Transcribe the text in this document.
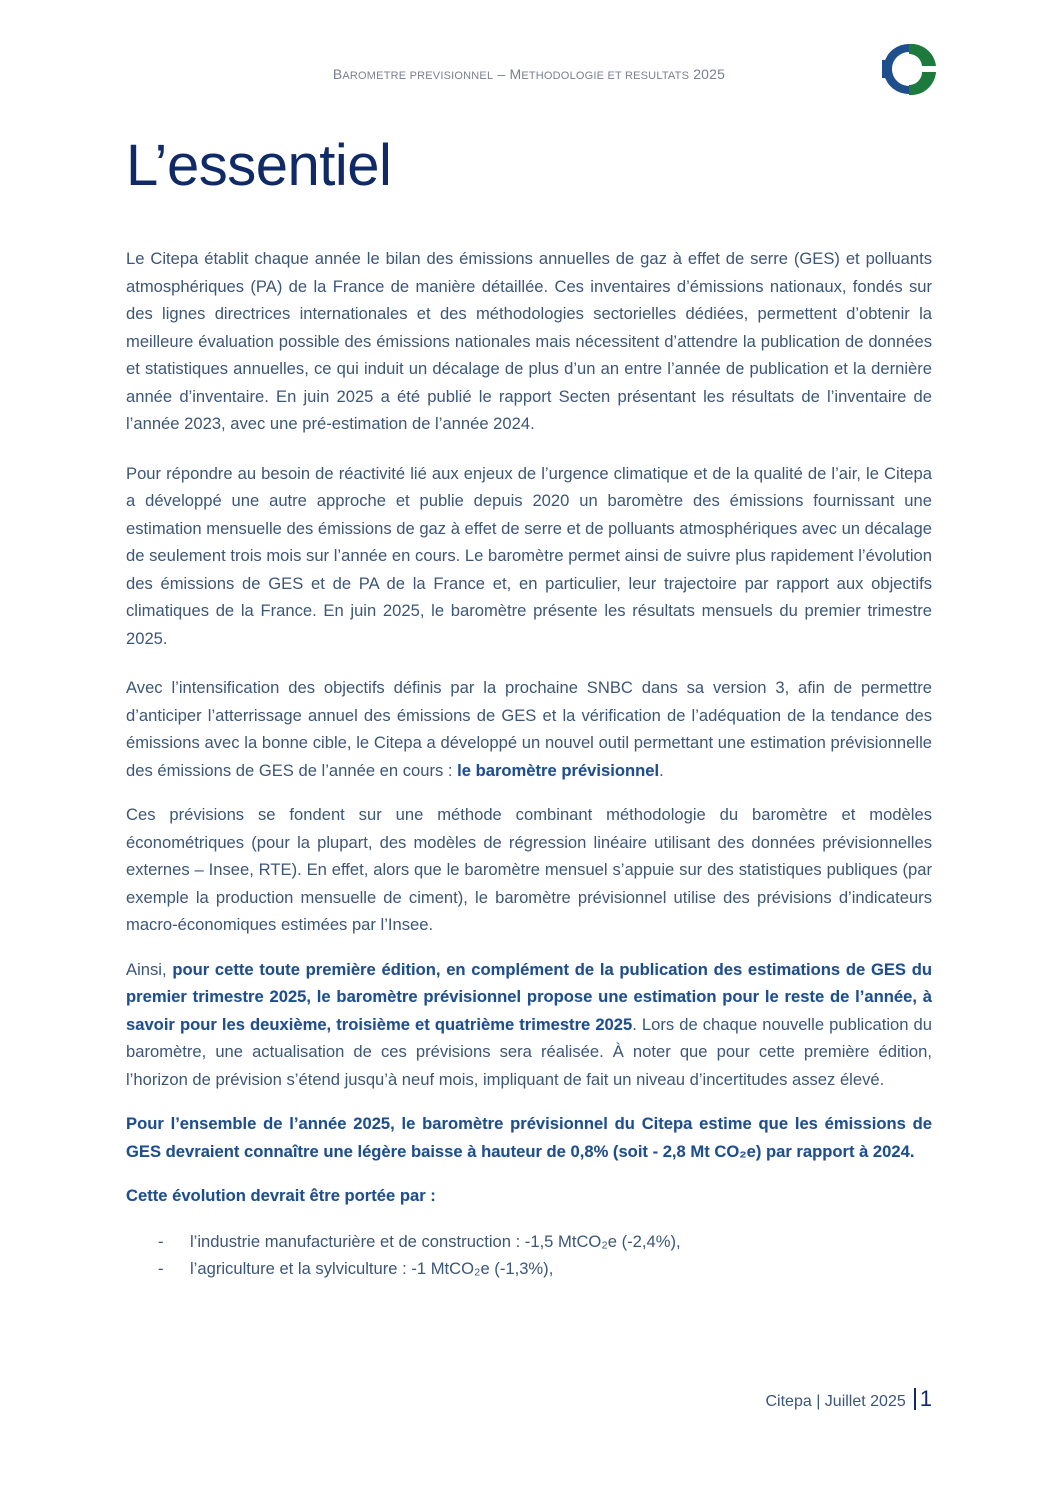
BAROMETRE PREVISIONNEL – METHODOLOGIE ET RESULTATS 2025
L’essentiel

Le Citepa établit chaque année le bilan des émissions annuelles de gaz à effet de serre (GES) et polluants atmosphériques (PA) de la France de manière détaillée. Ces inventaires d’émissions nationaux, fondés sur des lignes directrices internationales et des méthodologies sectorielles dédiées, permettent d’obtenir la meilleure évaluation possible des émissions nationales mais nécessitent d’attendre la publication de données et statistiques annuelles, ce qui induit un décalage de plus d’un an entre l’année de publication et la dernière année d’inventaire. En juin 2025 a été publié le rapport Secten présentant les résultats de l’inventaire de l’année 2023, avec une pré-estimation de l’année 2024.

Pour répondre au besoin de réactivité lié aux enjeux de l’urgence climatique et de la qualité de l’air, le Citepa a développé une autre approche et publie depuis 2020 un baromètre des émissions fournissant une estimation mensuelle des émissions de gaz à effet de serre et de polluants atmosphériques avec un décalage de seulement trois mois sur l’année en cours. Le baromètre permet ainsi de suivre plus rapidement l’évolution des émissions de GES et de PA de la France et, en particulier, leur trajectoire par rapport aux objectifs climatiques de la France. En juin 2025, le baromètre présente les résultats mensuels du premier trimestre 2025.

Avec l’intensification des objectifs définis par la prochaine SNBC dans sa version 3, afin de permettre d’anticiper l’atterrissage annuel des émissions de GES et la vérification de l’adéquation de la tendance des émissions avec la bonne cible, le Citepa a développé un nouvel outil permettant une estimation prévisionnelle des émissions de GES de l’année en cours : le baromètre prévisionnel.

Ces prévisions se fondent sur une méthode combinant méthodologie du baromètre et modèles économétriques (pour la plupart, des modèles de régression linéaire utilisant des données prévisionnelles externes – Insee, RTE). En effet, alors que le baromètre mensuel s’appuie sur des statistiques publiques (par exemple la production mensuelle de ciment), le baromètre prévisionnel utilise des prévisions d’indicateurs macro-économiques estimées par l’Insee.

Ainsi, pour cette toute première édition, en complément de la publication des estimations de GES du premier trimestre 2025, le baromètre prévisionnel propose une estimation pour le reste de l’année, à savoir pour les deuxième, troisième et quatrième trimestre 2025. Lors de chaque nouvelle publication du baromètre, une actualisation de ces prévisions sera réalisée. À noter que pour cette première édition, l’horizon de prévision s’étend jusqu’à neuf mois, impliquant de fait un niveau d’incertitudes assez élevé.

Pour l’ensemble de l’année 2025, le baromètre prévisionnel du Citepa estime que les émissions de GES devraient connaître une légère baisse à hauteur de 0,8% (soit - 2,8 Mt CO₂e) par rapport à 2024.

Cette évolution devrait être portée par :

- l’industrie manufacturière et de construction : -1,5 MtCO₂e (-2,4%),
- l’agriculture et la sylviculture : -1 MtCO₂e (-1,3%),
Citepa | Juillet 2025 1
